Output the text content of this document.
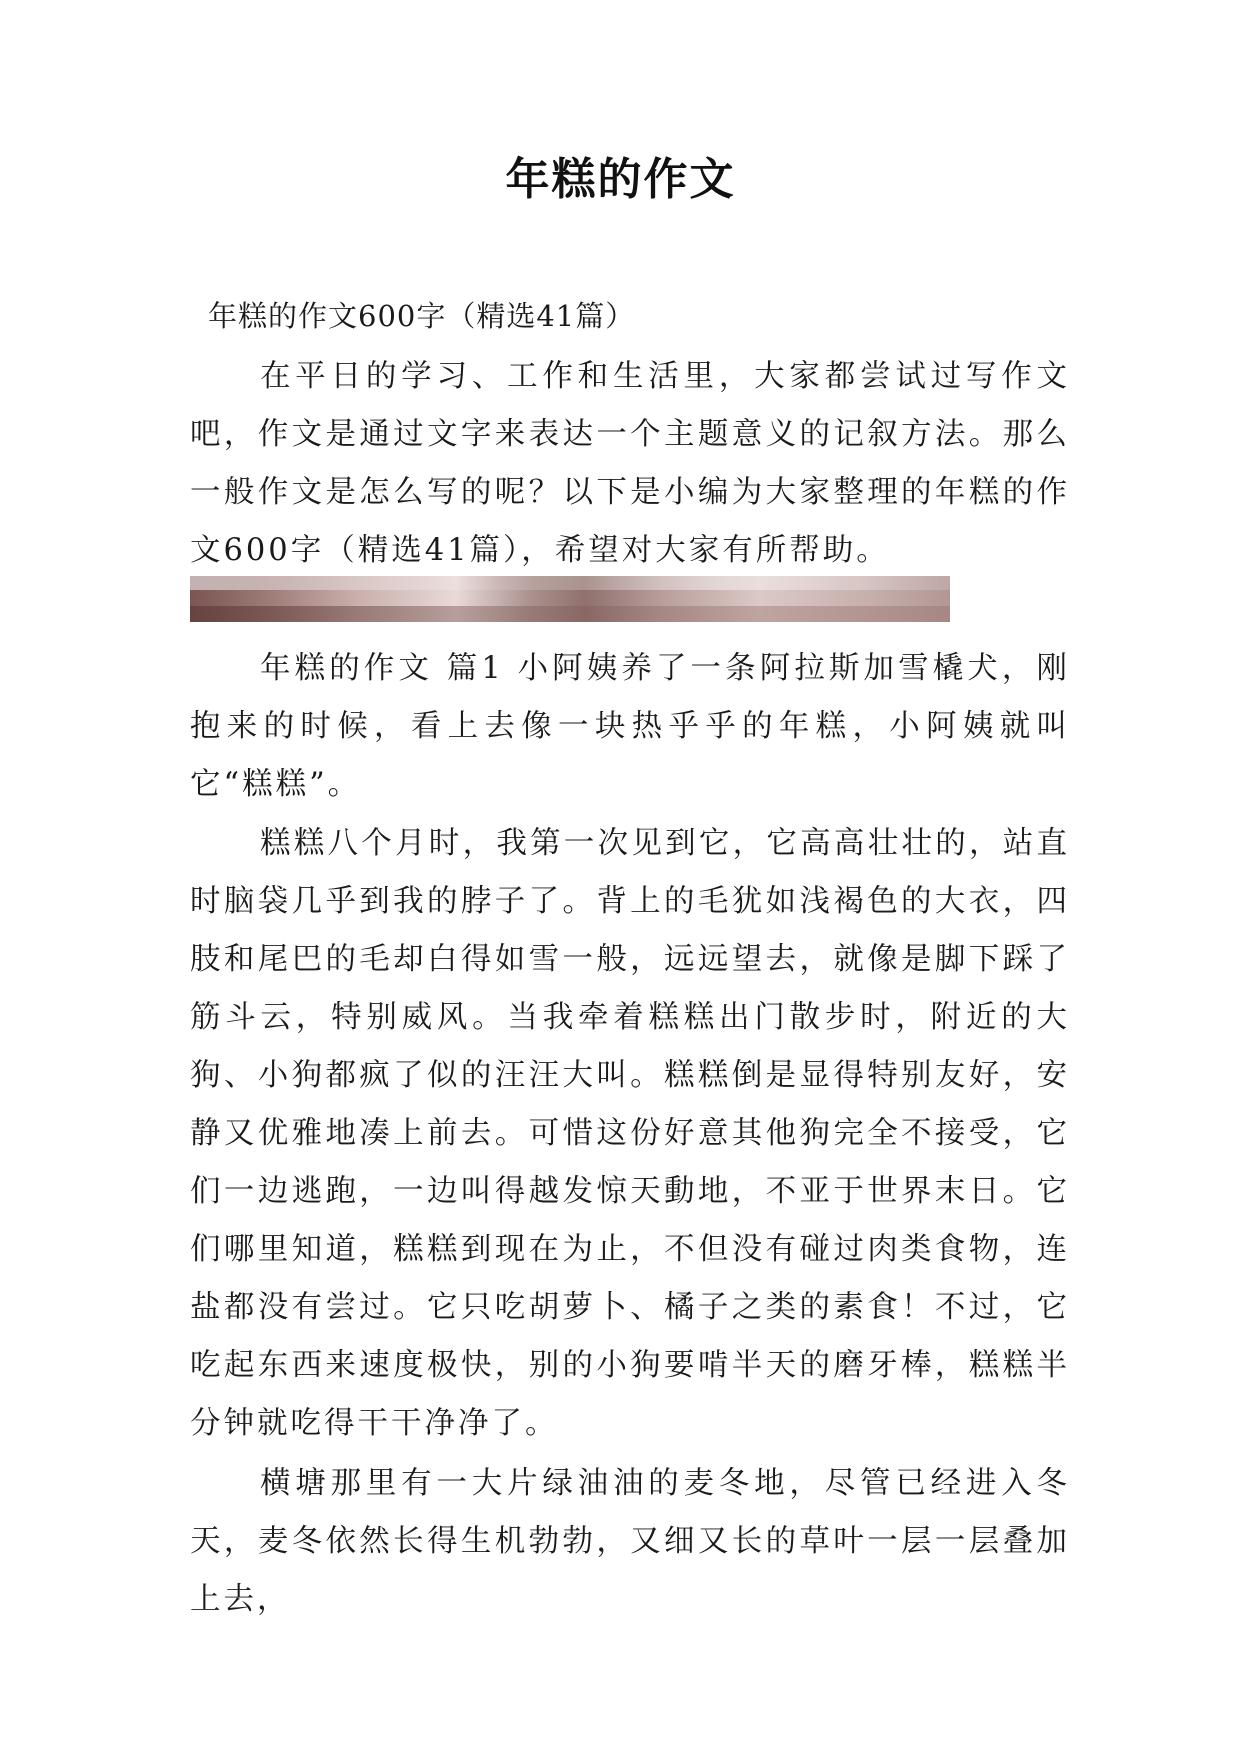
年糕的作文
年糕的作文600字（精选41篇）

在平日的学习、工作和生活里，大家都尝试过写作文吧，作文是通过文字来表达一个主题意义的记叙方法。那么一般作文是怎么写的呢？以下是小编为大家整理的年糕的作文600字（精选41篇），希望对大家有所帮助。

年糕的作文 篇1 小阿姨养了一条阿拉斯加雪橇犬，刚抱来的时候，看上去像一块热乎乎的年糕，小阿姨就叫它“糕糕”。

糕糕八个月时，我第一次见到它，它高高壮壮的，站直时脑袋几乎到我的脖子了。背上的毛犹如浅褐色的大衣，四肢和尾巴的毛却白得如雪一般，远远望去，就像是脚下踩了筋斗云，特别威风。当我牵着糕糕出门散步时，附近的大狗、小狗都疯了似的汪汪大叫。糕糕倒是显得特别友好，安静又优雅地凑上前去。可惜这份好意其他狗完全不接受，它们一边逃跑，一边叫得越发惊天動地，不亚于世界末日。它们哪里知道，糕糕到现在为止，不但没有碰过肉类食物，连盐都没有尝过。它只吃胡萝卜、橘子之类的素食！不过，它吃起东西来速度极快，别的小狗要啃半天的磨牙棒，糕糕半分钟就吃得干干净净了。

横塘那里有一大片绿油油的麦冬地，尽管已经进入冬天，麦冬依然长得生机勃勃，又细又长的草叶一层一层叠加上去，
